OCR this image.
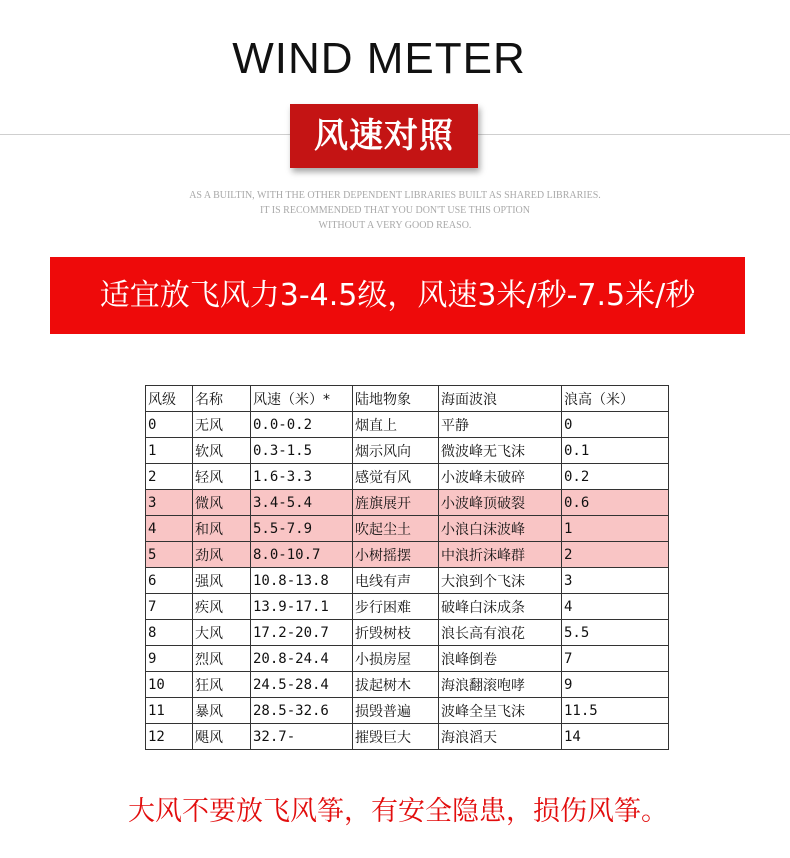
WIND METER
风速对照
AS A BUILTIN, WITH THE OTHER DEPENDENT LIBRARIES BUILT AS SHARED LIBRARIES.
IT IS RECOMMENDED THAT YOU DON'T USE THIS OPTION
WITHOUT A VERY GOOD REASO.
适宜放飞风力3-4.5级，风速3米/秒-7.5米/秒
风级	名称	风速（米）*	陆地物象	海面波浪	浪高（米）
0	无风	0.0-0.2	烟直上	平静	0
1	软风	0.3-1.5	烟示风向	微波峰无飞沫	0.1
2	轻风	1.6-3.3	感觉有风	小波峰未破碎	0.2
3	微风	3.4-5.4	旌旗展开	小波峰顶破裂	0.6
4	和风	5.5-7.9	吹起尘土	小浪白沫波峰	1
5	劲风	8.0-10.7	小树摇摆	中浪折沫峰群	2
6	强风	10.8-13.8	电线有声	大浪到个飞沫	3
7	疾风	13.9-17.1	步行困难	破峰白沫成条	4
8	大风	17.2-20.7	折毁树枝	浪长高有浪花	5.5
9	烈风	20.8-24.4	小损房屋	浪峰倒卷	7
10	狂风	24.5-28.4	拔起树木	海浪翻滚咆哮	9
11	暴风	28.5-32.6	损毁普遍	波峰全呈飞沫	11.5
12	飓风	32.7-	摧毁巨大	海浪滔天	14
大风不要放飞风筝，有安全隐患，损伤风筝。
